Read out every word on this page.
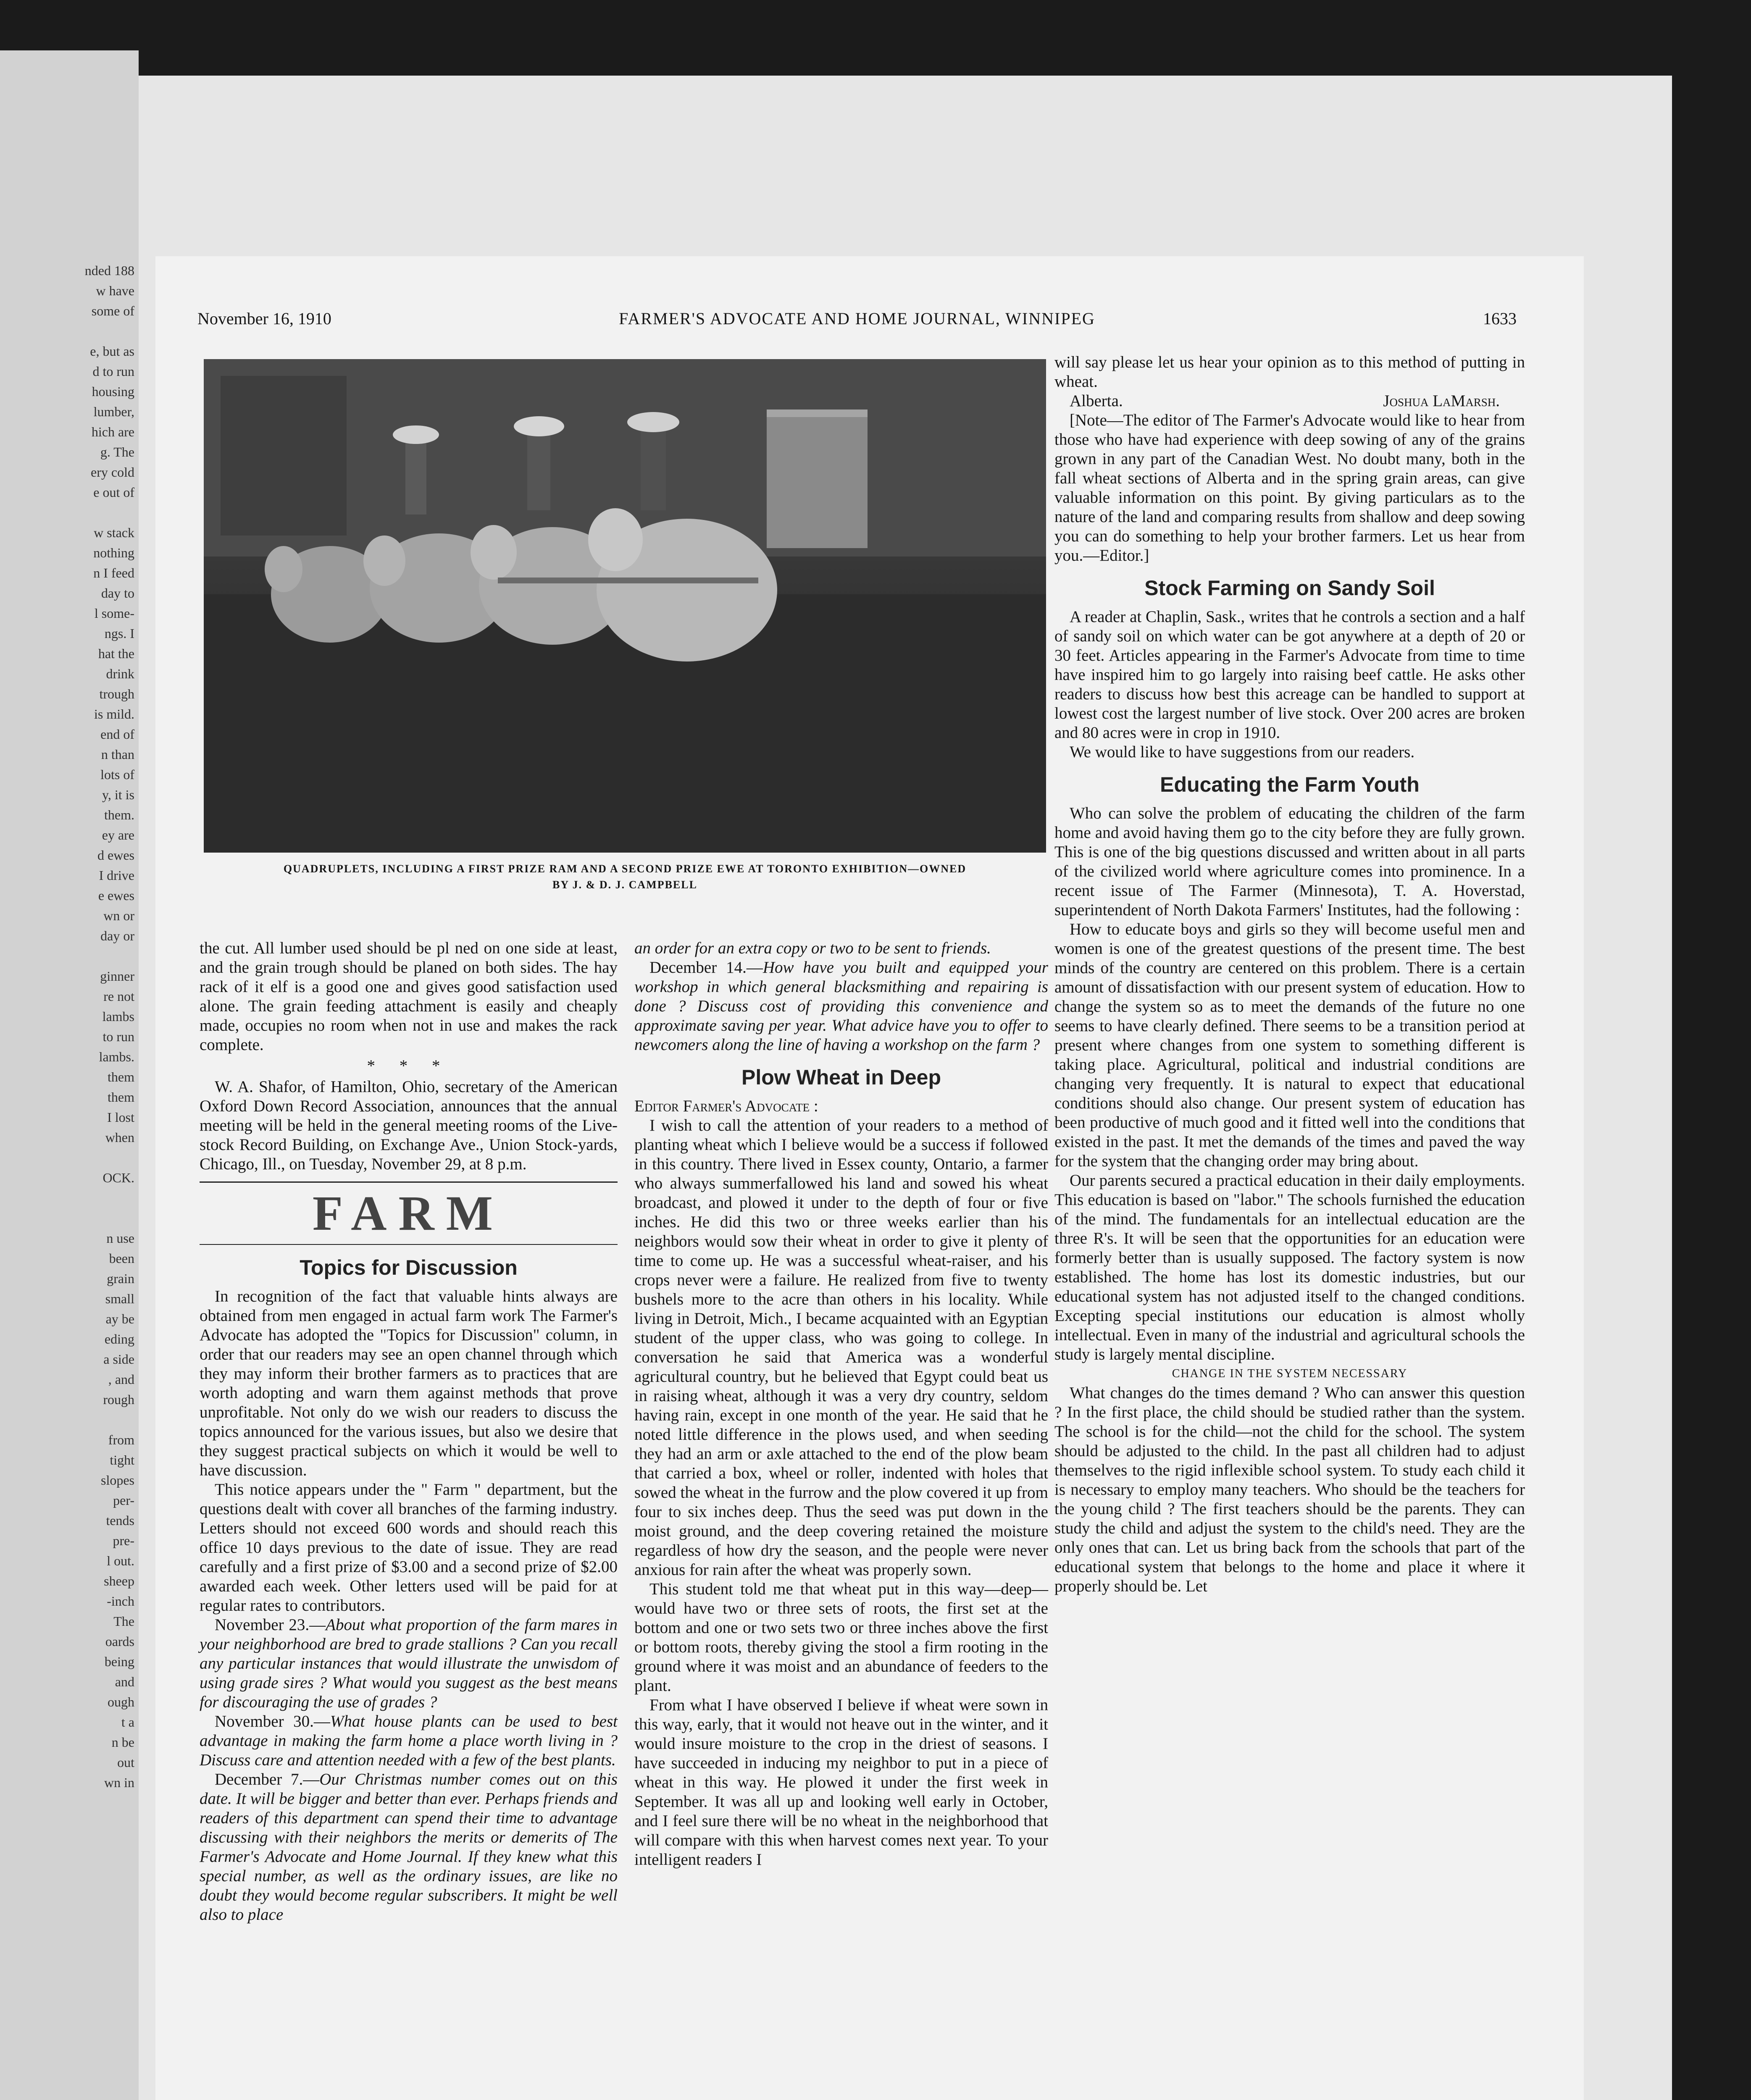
nded 188
w have
some of
e, but as
d to run
housing
lumber,
hich are
g. The
ery cold
e out of
w stack
nothing
n I feed
day to
l some-
ngs. I
hat the
drink
trough
is mild.
end of
n than
lots of
y, it is
them.
ey are
d ewes
I drive
e ewes
wn or
day or
ginner
re not
lambs
to run
lambs.
them
them
I lost
when
OCK.
n use
been
grain
small
ay be
eding
a side
, and
rough
from
tight
slopes
per-
tends
pre-
l out.
sheep
-inch
The
oards
being
and
ough
t a
n be
out
wn in
November 16, 1910	FARMER'S ADVOCATE AND HOME JOURNAL, WINNIPEG	1633
QUADRUPLETS, INCLUDING A FIRST PRIZE RAM AND A SECOND PRIZE EWE AT TORONTO EXHIBITION—OWNED
BY J. & D. J. CAMPBELL

the cut. All lumber used should be pl ned on one side at least, and the grain trough should be planed on both sides. The hay rack of it elf is a good one and gives good satisfaction used alone. The grain feeding attachment is easily and cheaply made, occupies no room when not in use and makes the rack complete.

* * *

W. A. Shafor, of Hamilton, Ohio, secretary of the American Oxford Down Record Association, announces that the annual meeting will be held in the general meeting rooms of the Live-stock Record Building, on Exchange Ave., Union Stock-yards, Chicago, Ill., on Tuesday, November 29, at 8 p.m.

FARM
Topics for Discussion

In recognition of the fact that valuable hints always are obtained from men engaged in actual farm work The Farmer's Advocate has adopted the "Topics for Discussion" column, in order that our readers may see an open channel through which they may inform their brother farmers as to practices that are worth adopting and warn them against methods that prove unprofitable. Not only do we wish our readers to discuss the topics announced for the various issues, but also we desire that they suggest practical subjects on which it would be well to have discussion.

This notice appears under the " Farm " department, but the questions dealt with cover all branches of the farming industry. Letters should not exceed 600 words and should reach this office 10 days previous to the date of issue. They are read carefully and a first prize of $3.00 and a second prize of $2.00 awarded each week. Other letters used will be paid for at regular rates to contributors.

November 23.—About what proportion of the farm mares in your neighborhood are bred to grade stallions ? Can you recall any particular instances that would illustrate the unwisdom of using grade sires ? What would you suggest as the best means for discouraging the use of grades ?

November 30.—What house plants can be used to best advantage in making the farm home a place worth living in ? Discuss care and attention needed with a few of the best plants.

December 7.—Our Christmas number comes out on this date. It will be bigger and better than ever. Perhaps friends and readers of this department can spend their time to advantage discussing with their neighbors the merits or demerits of The Farmer's Advocate and Home Journal. If they knew what this special number, as well as the ordinary issues, are like no doubt they would become regular subscribers. It might be well also to place

an order for an extra copy or two to be sent to friends.

December 14.—How have you built and equipped your workshop in which general blacksmithing and repairing is done ? Discuss cost of providing this convenience and approximate saving per year. What advice have you to offer to newcomers along the line of having a workshop on the farm ?

Plow Wheat in Deep

Editor Farmer's Advocate :

I wish to call the attention of your readers to a method of planting wheat which I believe would be a success if followed in this country. There lived in Essex county, Ontario, a farmer who always summerfallowed his land and sowed his wheat broadcast, and plowed it under to the depth of four or five inches. He did this two or three weeks earlier than his neighbors would sow their wheat in order to give it plenty of time to come up. He was a successful wheat-raiser, and his crops never were a failure. He realized from five to twenty bushels more to the acre than others in his locality. While living in Detroit, Mich., I became acquainted with an Egyptian student of the upper class, who was going to college. In conversation he said that America was a wonderful agricultural country, but he believed that Egypt could beat us in raising wheat, although it was a very dry country, seldom having rain, except in one month of the year. He said that he noted little difference in the plows used, and when seeding they had an arm or axle attached to the end of the plow beam that carried a box, wheel or roller, indented with holes that sowed the wheat in the furrow and the plow covered it up from four to six inches deep. Thus the seed was put down in the moist ground, and the deep covering retained the moisture regardless of how dry the season, and the people were never anxious for rain after the wheat was properly sown.

This student told me that wheat put in this way—deep—would have two or three sets of roots, the first set at the bottom and one or two sets two or three inches above the first or bottom roots, thereby giving the stool a firm rooting in the ground where it was moist and an abundance of feeders to the plant.

From what I have observed I believe if wheat were sown in this way, early, that it would not heave out in the winter, and it would insure moisture to the crop in the driest of seasons. I have succeeded in inducing my neighbor to put in a piece of wheat in this way. He plowed it under the first week in September. It was all up and looking well early in October, and I feel sure there will be no wheat in the neighborhood that will compare with this when harvest comes next year. To your intelligent readers I

will say please let us hear your opinion as to this method of putting in wheat.

Alberta.	Joshua LaMarsh.

[Note—The editor of The Farmer's Advocate would like to hear from those who have had experience with deep sowing of any of the grains grown in any part of the Canadian West. No doubt many, both in the fall wheat sections of Alberta and in the spring grain areas, can give valuable information on this point. By giving particulars as to the nature of the land and comparing results from shallow and deep sowing you can do something to help your brother farmers. Let us hear from you.—Editor.]

Stock Farming on Sandy Soil

A reader at Chaplin, Sask., writes that he controls a section and a half of sandy soil on which water can be got anywhere at a depth of 20 or 30 feet. Articles appearing in the Farmer's Advocate from time to time have inspired him to go largely into raising beef cattle. He asks other readers to discuss how best this acreage can be handled to support at lowest cost the largest number of live stock. Over 200 acres are broken and 80 acres were in crop in 1910.

We would like to have suggestions from our readers.

Educating the Farm Youth

Who can solve the problem of educating the children of the farm home and avoid having them go to the city before they are fully grown. This is one of the big questions discussed and written about in all parts of the civilized world where agriculture comes into prominence. In a recent issue of The Farmer (Minnesota), T. A. Hoverstad, superintendent of North Dakota Farmers' Institutes, had the following :

How to educate boys and girls so they will become useful men and women is one of the greatest questions of the present time. The best minds of the country are centered on this problem. There is a certain amount of dissatisfaction with our present system of education. How to change the system so as to meet the demands of the future no one seems to have clearly defined. There seems to be a transition period at present where changes from one system to something different is taking place. Agricultural, political and industrial conditions are changing very frequently. It is natural to expect that educational conditions should also change. Our present system of education has been productive of much good and it fitted well into the conditions that existed in the past. It met the demands of the times and paved the way for the system that the changing order may bring about.

Our parents secured a practical education in their daily employments. This education is based on "labor." The schools furnished the education of the mind. The fundamentals for an intellectual education are the three R's. It will be seen that the opportunities for an education were formerly better than is usually supposed. The factory system is now established. The home has lost its domestic industries, but our educational system has not adjusted itself to the changed conditions. Excepting special institutions our education is almost wholly intellectual. Even in many of the industrial and agricultural schools the study is largely mental discipline.

CHANGE IN THE SYSTEM NECESSARY

What changes do the times demand ? Who can answer this question ? In the first place, the child should be studied rather than the system. The school is for the child—not the child for the school. The system should be adjusted to the child. In the past all children had to adjust themselves to the rigid inflexible school system. To study each child it is necessary to employ many teachers. Who should be the teachers for the young child ? The first teachers should be the parents. They can study the child and adjust the system to the child's need. They are the only ones that can. Let us bring back from the schools that part of the educational system that belongs to the home and place it where it properly should be. Let
